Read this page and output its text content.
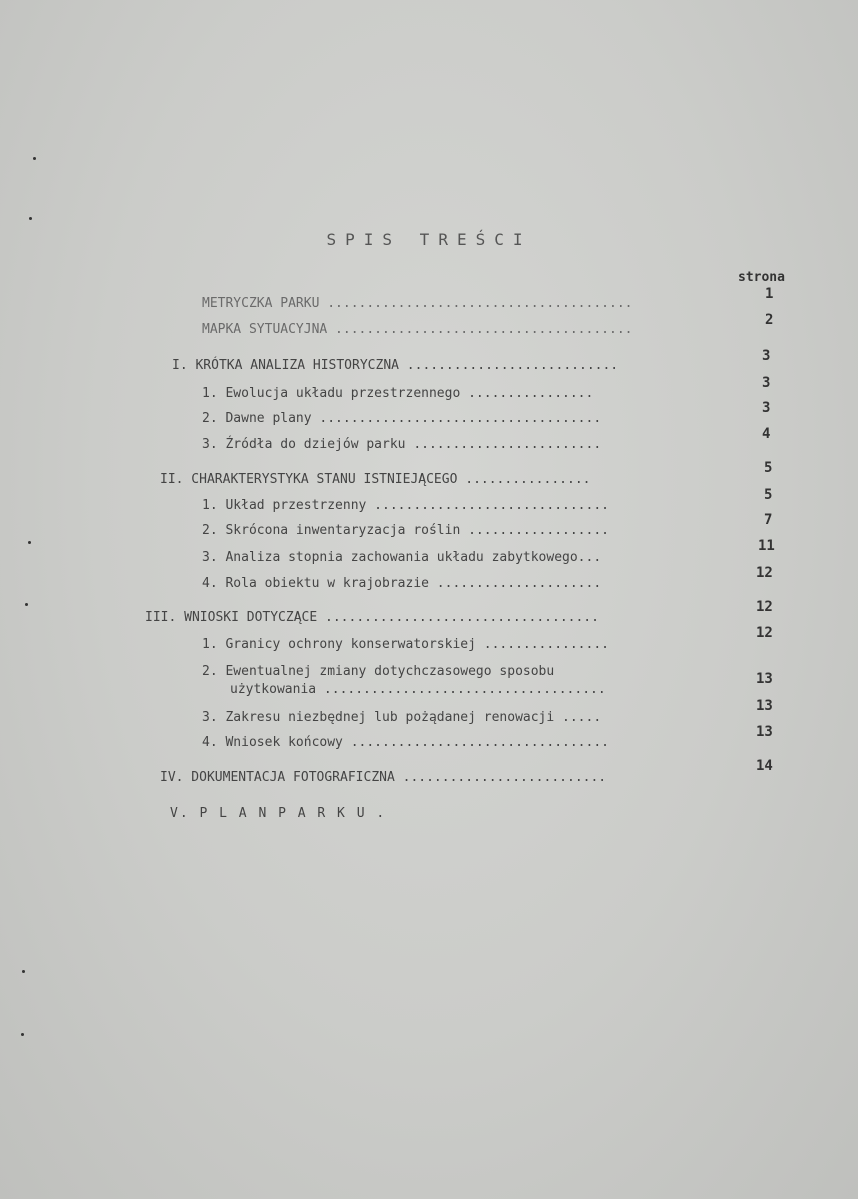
SPIS TREŚCI
strona
METRYCZKA PARKU .......................................
1
MAPKA SYTUACYJNA ......................................
2
I. KRÓTKA ANALIZA HISTORYCZNA ...........................
3
1. Ewolucja układu przestrzennego ................
3
2. Dawne plany ....................................
3
3. Źródła do dziejów parku ........................
4
II. CHARAKTERYSTYKA STANU ISTNIEJĄCEGO ................
5
1. Układ przestrzenny ..............................
5
2. Skrócona inwentaryzacja roślin ..................
7
3. Analiza stopnia zachowania układu zabytkowego...
11
4. Rola obiektu w krajobrazie .....................
12
III. WNIOSKI DOTYCZĄCE ...................................
12
1. Granicy ochrony konserwatorskiej ................
12
2. Ewentualnej zmiany dotychczasowego sposobu
użytkowania ....................................
13
3. Zakresu niezbędnej lub pożądanej renowacji .....
13
4. Wniosek końcowy .................................
13
IV. DOKUMENTACJA FOTOGRAFICZNA ..........................
14
V. P L A N P A R K U .
